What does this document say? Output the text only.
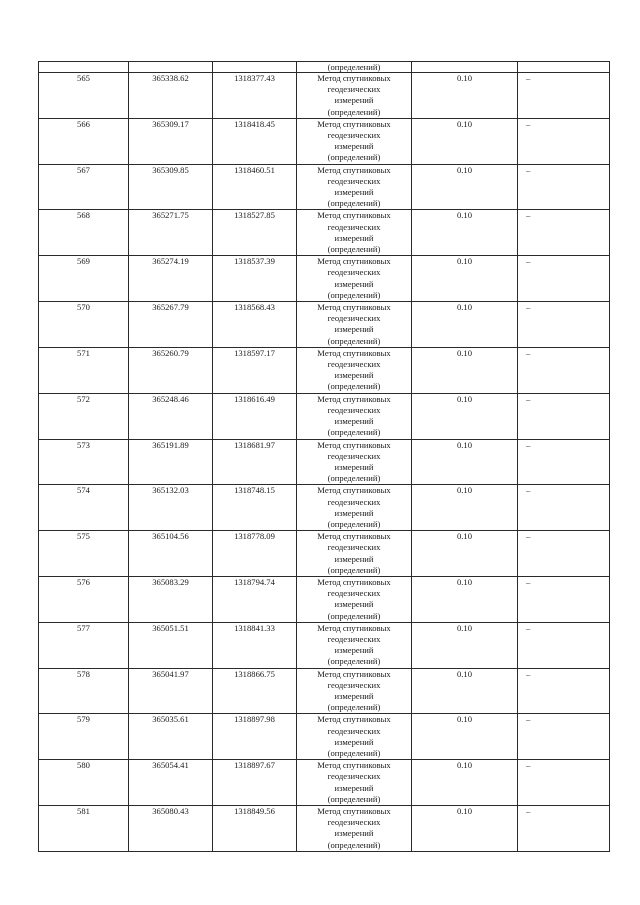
			(определений)		

565	365338.62	1318377.43	Метод спутниковых
геодезических
измерений
(определений)	0.10	–
566	365309.17	1318418.45	Метод спутниковых
геодезических
измерений
(определений)	0.10	–
567	365309.85	1318460.51	Метод спутниковых
геодезических
измерений
(определений)	0.10	–
568	365271.75	1318527.85	Метод спутниковых
геодезических
измерений
(определений)	0.10	–
569	365274.19	1318537.39	Метод спутниковых
геодезических
измерений
(определений)	0.10	–
570	365267.79	1318568.43	Метод спутниковых
геодезических
измерений
(определений)	0.10	–
571	365260.79	1318597.17	Метод спутниковых
геодезических
измерений
(определений)	0.10	–
572	365248.46	1318616.49	Метод спутниковых
геодезических
измерений
(определений)	0.10	–
573	365191.89	1318681.97	Метод спутниковых
геодезических
измерений
(определений)	0.10	–
574	365132.03	1318748.15	Метод спутниковых
геодезических
измерений
(определений)	0.10	–
575	365104.56	1318778.09	Метод спутниковых
геодезических
измерений
(определений)	0.10	–
576	365083.29	1318794.74	Метод спутниковых
геодезических
измерений
(определений)	0.10	–
577	365051.51	1318841.33	Метод спутниковых
геодезических
измерений
(определений)	0.10	–
578	365041.97	1318866.75	Метод спутниковых
геодезических
измерений
(определений)	0.10	–
579	365035.61	1318897.98	Метод спутниковых
геодезических
измерений
(определений)	0.10	–
580	365054.41	1318897.67	Метод спутниковых
геодезических
измерений
(определений)	0.10	–
581	365080.43	1318849.56	Метод спутниковых
геодезических
измерений
(определений)	0.10	–
